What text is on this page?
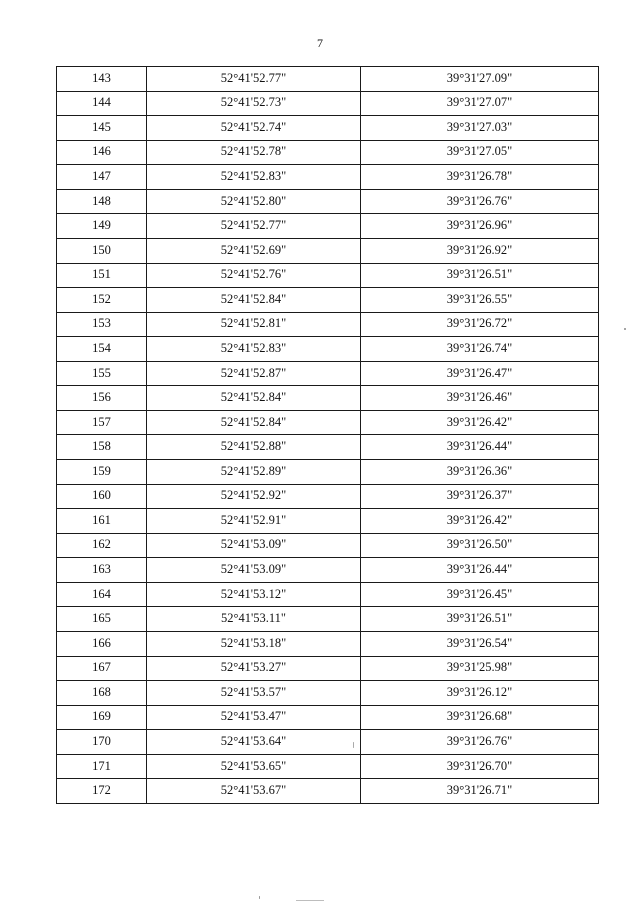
7
143	52°41'52.77"	39°31'27.09"
144	52°41'52.73"	39°31'27.07"
145	52°41'52.74"	39°31'27.03"
146	52°41'52.78"	39°31'27.05"
147	52°41'52.83"	39°31'26.78"
148	52°41'52.80"	39°31'26.76"
149	52°41'52.77"	39°31'26.96"
150	52°41'52.69"	39°31'26.92"
151	52°41'52.76"	39°31'26.51"
152	52°41'52.84"	39°31'26.55"
153	52°41'52.81"	39°31'26.72"
154	52°41'52.83"	39°31'26.74"
155	52°41'52.87"	39°31'26.47"
156	52°41'52.84"	39°31'26.46"
157	52°41'52.84"	39°31'26.42"
158	52°41'52.88"	39°31'26.44"
159	52°41'52.89"	39°31'26.36"
160	52°41'52.92"	39°31'26.37"
161	52°41'52.91"	39°31'26.42"
162	52°41'53.09"	39°31'26.50"
163	52°41'53.09"	39°31'26.44"
164	52°41'53.12"	39°31'26.45"
165	52°41'53.11"	39°31'26.51"
166	52°41'53.18"	39°31'26.54"
167	52°41'53.27"	39°31'25.98"
168	52°41'53.57"	39°31'26.12"
169	52°41'53.47"	39°31'26.68"
170	52°41'53.64"	39°31'26.76"
171	52°41'53.65"	39°31'26.70"
172	52°41'53.67"	39°31'26.71"
